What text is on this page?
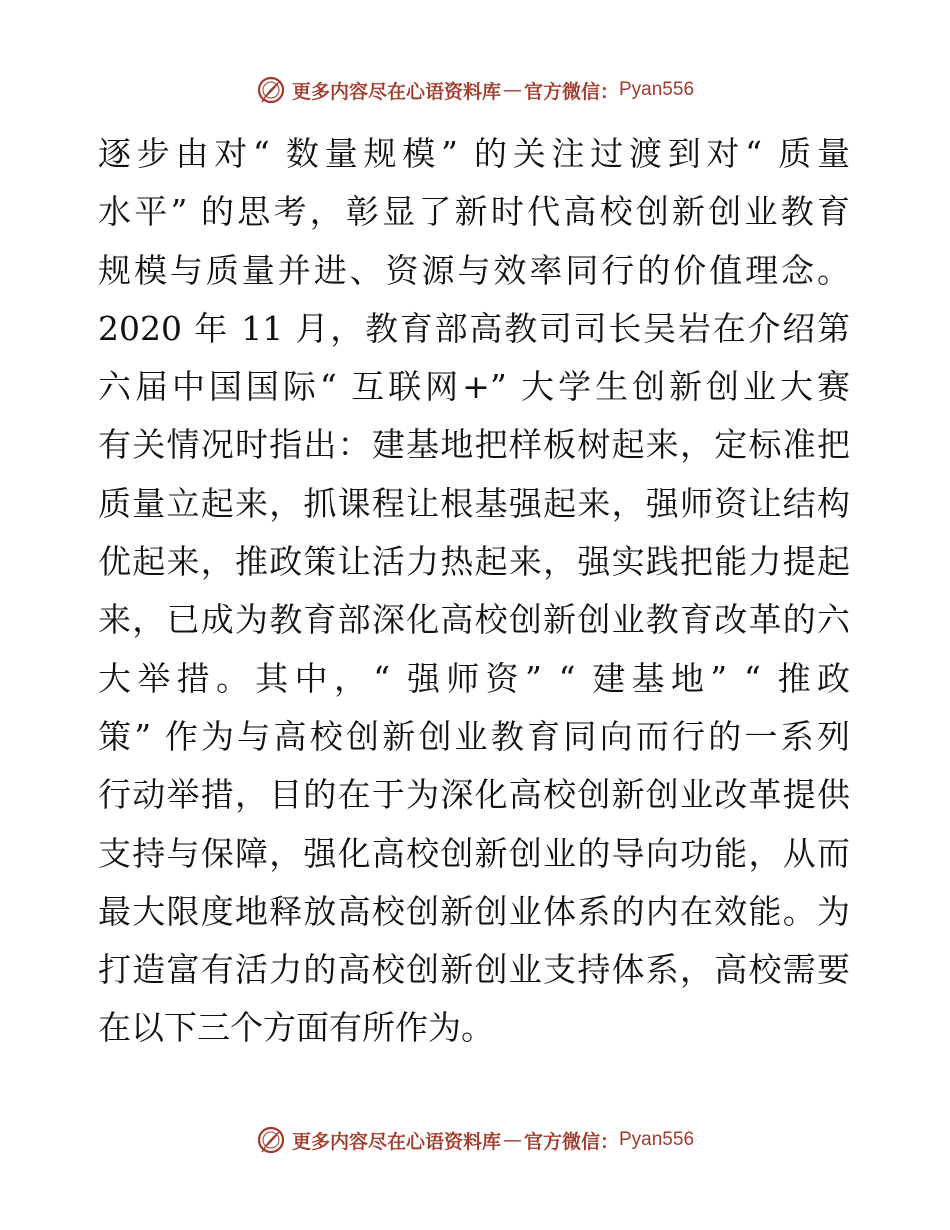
更多内容尽在心语资料库 — 官方微信： Pyan556
逐步由对“ 数量规模” 的关注过渡到对“ 质量
水平” 的思考，彰显了新时代高校创新创业教育
规模与质量并进、资源与效率同行的价值理念。
2020 年 11 月，教育部高教司司长吴岩在介绍第
六届中国国际“ 互联网+” 大学生创新创业大赛
有关情况时指出：建基地把样板树起来，定标准把
质量立起来，抓课程让根基强起来，强师资让结构
优起来，推政策让活力热起来，强实践把能力提起
来，已成为教育部深化高校创新创业教育改革的六
大举措。其中，“ 强师资” “ 建基地” “ 推政
策” 作为与高校创新创业教育同向而行的一系列
行动举措，目的在于为深化高校创新创业改革提供
支持与保障，强化高校创新创业的导向功能，从而
最大限度地释放高校创新创业体系的内在效能。为
打造富有活力的高校创新创业支持体系，高校需要
在以下三个方面有所作为。
更多内容尽在心语资料库 — 官方微信： Pyan556
